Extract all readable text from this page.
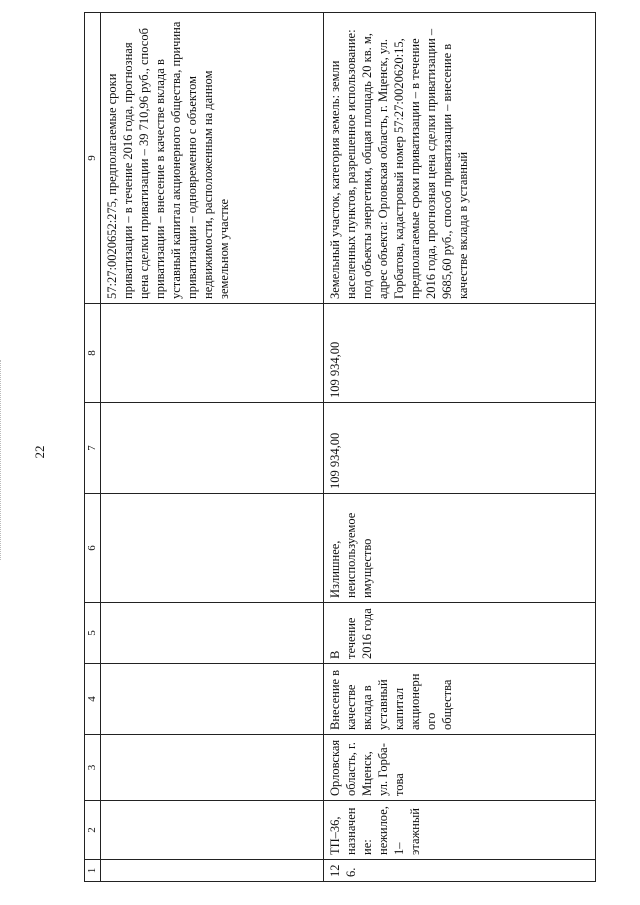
22
1	2	3	4	5	6	7	8	9
								57:27:0020652:275, предполагаемые сроки приватизации – в течение 2016 года, прогнозная цена сделки приватизации – 39 710,96 руб., способ приватизации – внесение в качестве вклада в уставный капитал акционерного общества, причина приватизации – одновременно с объектом недвижимости, расположенным на данном земельном участке
126.	ТП–36, назначение: нежилое, 1–этажный	Орловская область, г. Мценск, ул. Горба-това	Внесение в качестве вклада в уставный капитал акционерного общества	В течение 2016 года	Излишнее, неиспользуемое имущество	109 934,00	109 934,00	Земельный участок, категория земель: земли населенных пунктов, разрешенное использование: под объекты энергетики, общая площадь 20 кв. м, адрес объекта: Орловская область, г. Мценск, ул. Горбатова, кадастровый номер 57:27:0020620:15, предполагаемые сроки приватизации – в течение 2016 года, прогнозная цена сделки приватизации – 9685,60 руб., способ приватизации – внесение в качестве вклада в уставный
